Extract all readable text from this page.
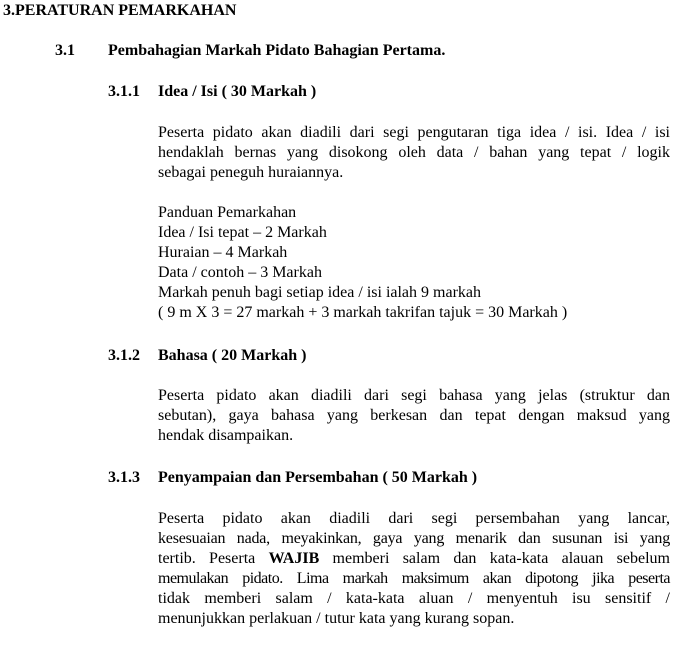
3.PERATURAN PEMARKAHAN
3.1 Pembahagian Markah Pidato Bahagian Pertama.
3.1.1 Idea / Isi ( 30 Markah )
Peserta pidato akan diadili dari segi pengutaran tiga idea / isi. Idea / isi
hendaklah bernas yang disokong oleh data / bahan yang tepat / logik
sebagai peneguh huraiannya.
Panduan Pemarkahan
Idea / Isi tepat – 2 Markah
Huraian – 4 Markah
Data / contoh – 3 Markah
Markah penuh bagi setiap idea / isi ialah 9 markah
( 9 m X 3 = 27 markah + 3 markah takrifan tajuk = 30 Markah )
3.1.2 Bahasa ( 20 Markah )
Peserta pidato akan diadili dari segi bahasa yang jelas (struktur dan
sebutan), gaya bahasa yang berkesan dan tepat dengan maksud yang
hendak disampaikan.
3.1.3 Penyampaian dan Persembahan ( 50 Markah )
Peserta pidato akan diadili dari segi persembahan yang lancar,
kesesuaian nada, meyakinkan, gaya yang menarik dan susunan isi yang
tertib. Peserta WAJIB memberi salam dan kata-kata alauan sebelum
memulakan pidato. Lima markah maksimum akan dipotong jika peserta
tidak memberi salam / kata-kata aluan / menyentuh isu sensitif /
menunjukkan perlakuan / tutur kata yang kurang sopan.
